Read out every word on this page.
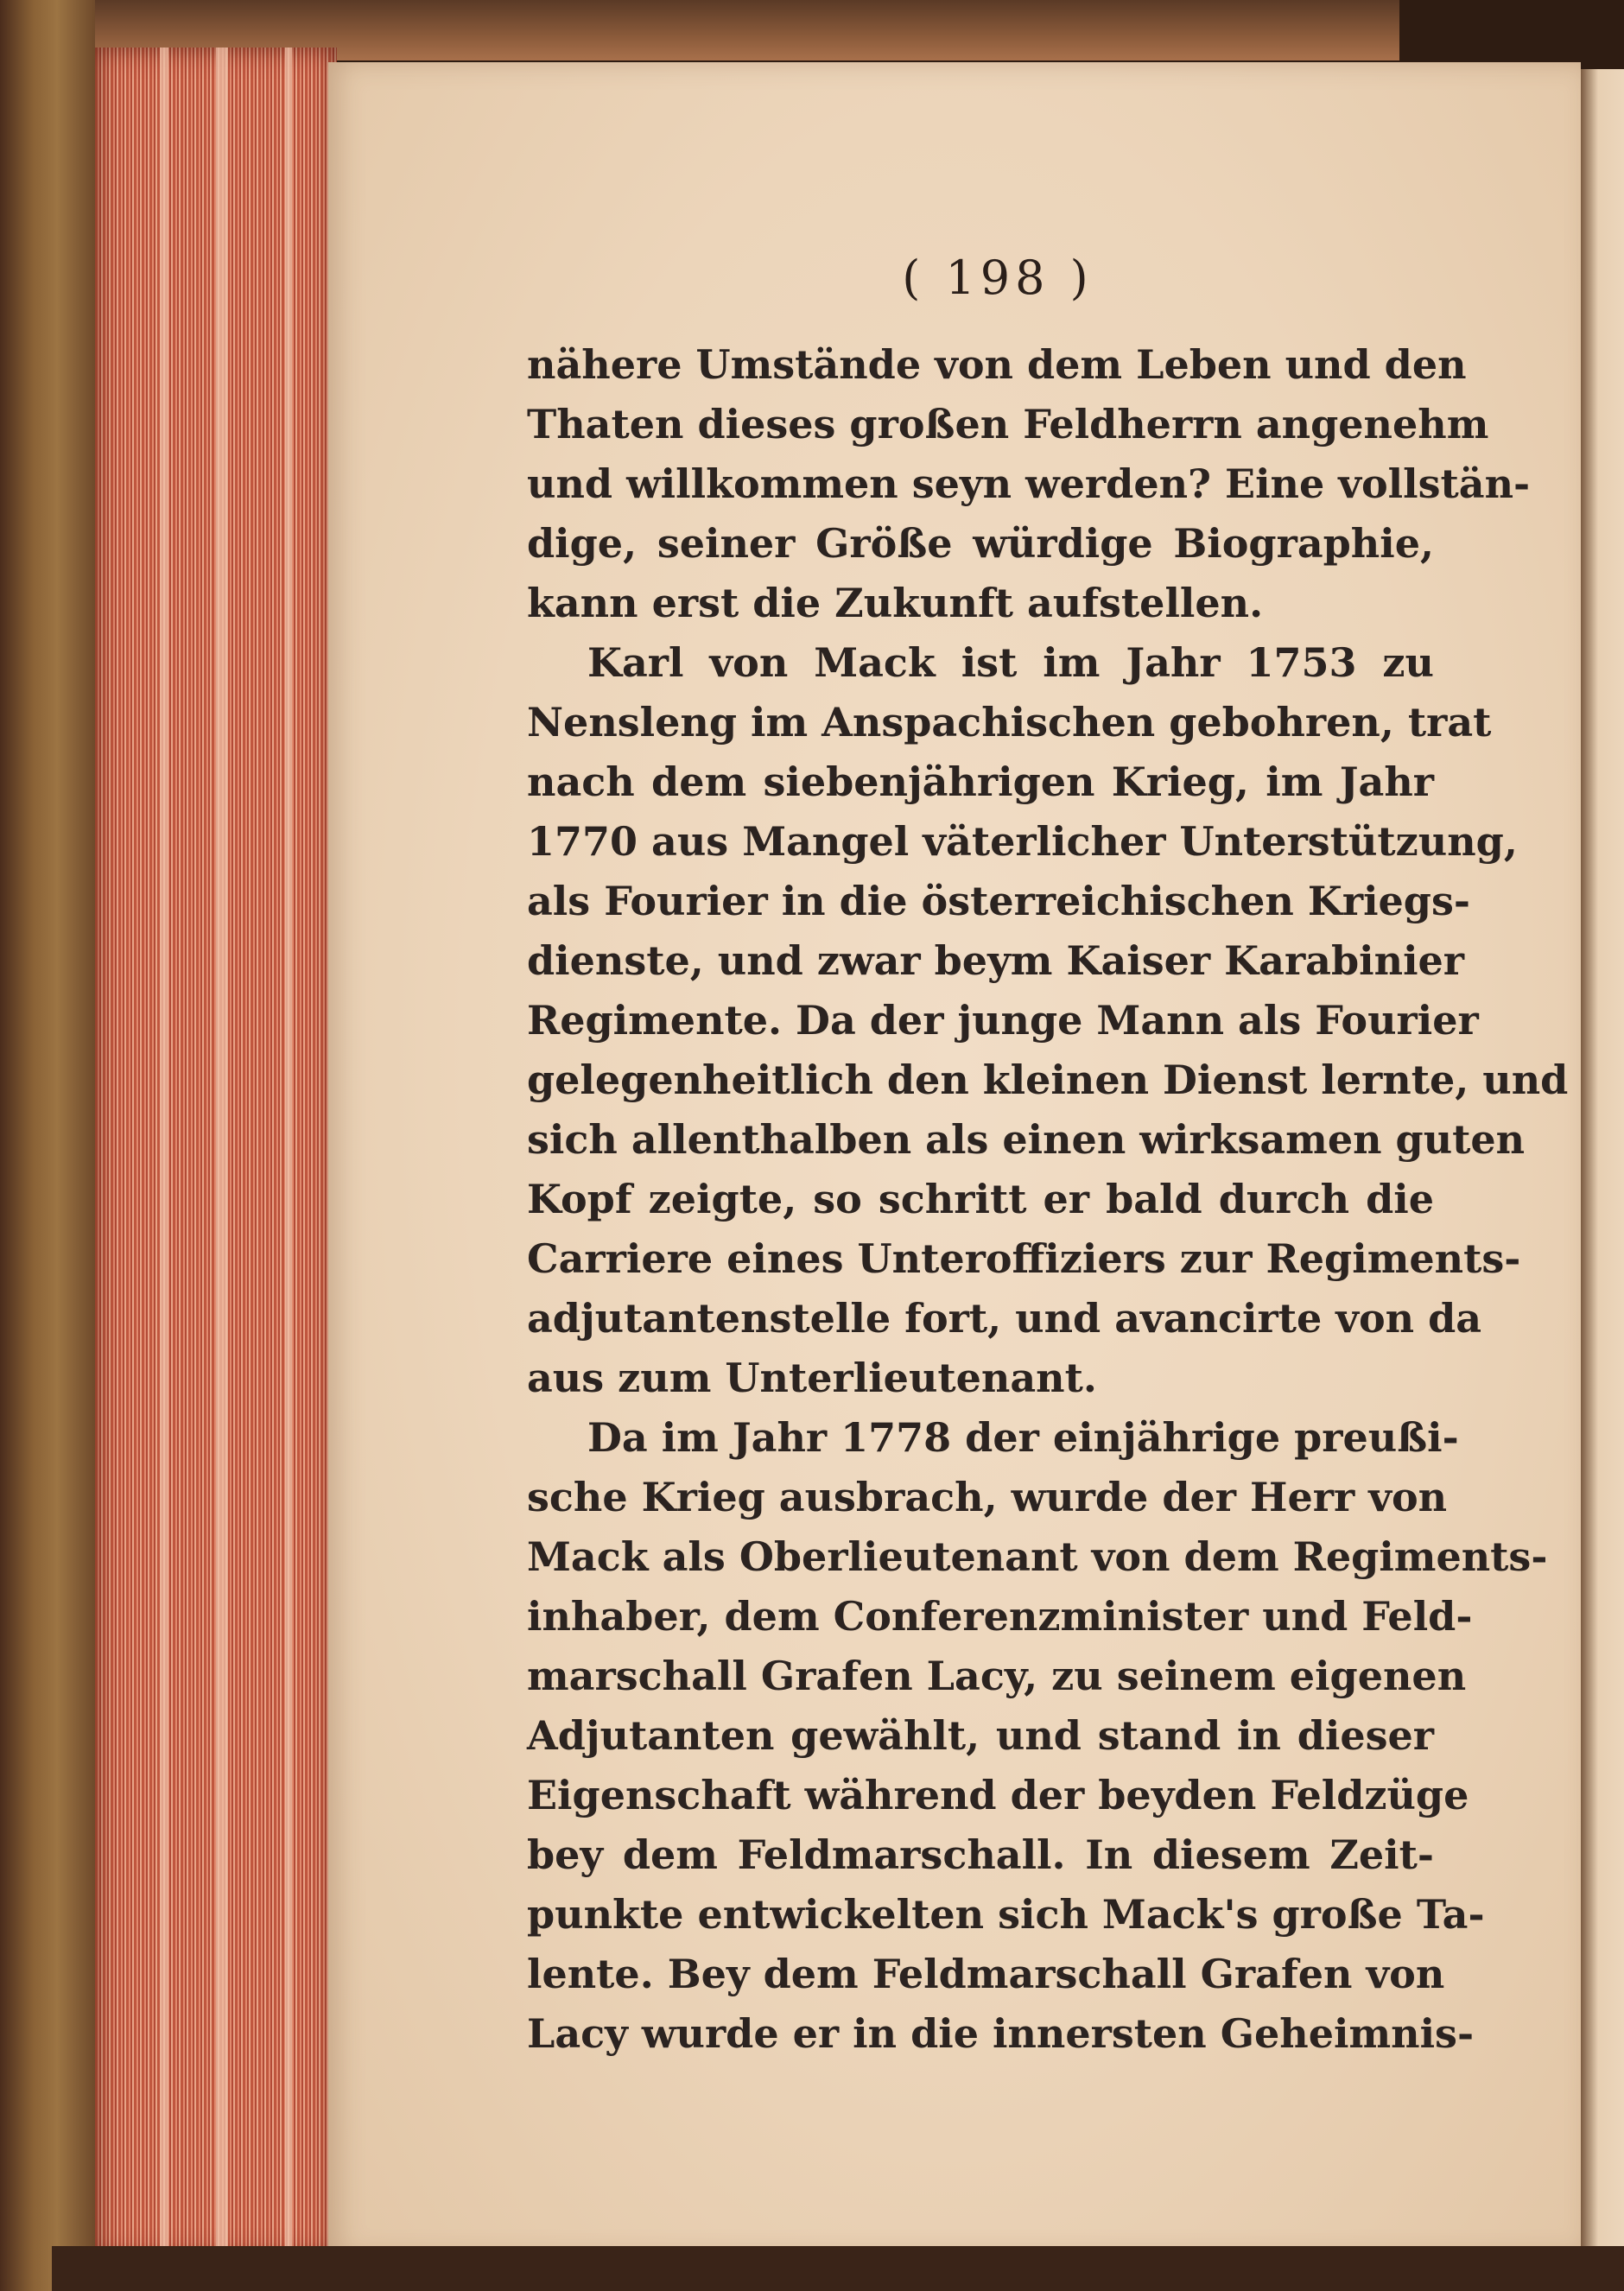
( 198 )
nähere Umstände von dem Leben und den
Thaten dieses großen Feldherrn angenehm
und willkommen seyn werden? Eine vollstän-
dige, seiner Größe würdige Biographie,
kann erst die Zukunft aufstellen.
Karl von Mack ist im Jahr 1753 zu
Nensleng im Anspachischen gebohren, trat
nach dem siebenjährigen Krieg, im Jahr
1770 aus Mangel väterlicher Unterstützung,
als Fourier in die österreichischen Kriegs-
dienste, und zwar beym Kaiser Karabinier
Regimente. Da der junge Mann als Fourier
gelegenheitlich den kleinen Dienst lernte, und
sich allenthalben als einen wirksamen guten
Kopf zeigte, so schritt er bald durch die
Carriere eines Unteroffiziers zur Regiments-
adjutantenstelle fort, und avancirte von da
aus zum Unterlieutenant.
Da im Jahr 1778 der einjährige preußi-
sche Krieg ausbrach, wurde der Herr von
Mack als Oberlieutenant von dem Regiments-
inhaber, dem Conferenzminister und Feld-
marschall Grafen Lacy, zu seinem eigenen
Adjutanten gewählt, und stand in dieser
Eigenschaft während der beyden Feldzüge
bey dem Feldmarschall. In diesem Zeit-
punkte entwickelten sich Mack's große Ta-
lente. Bey dem Feldmarschall Grafen von
Lacy wurde er in die innersten Geheimnis-
